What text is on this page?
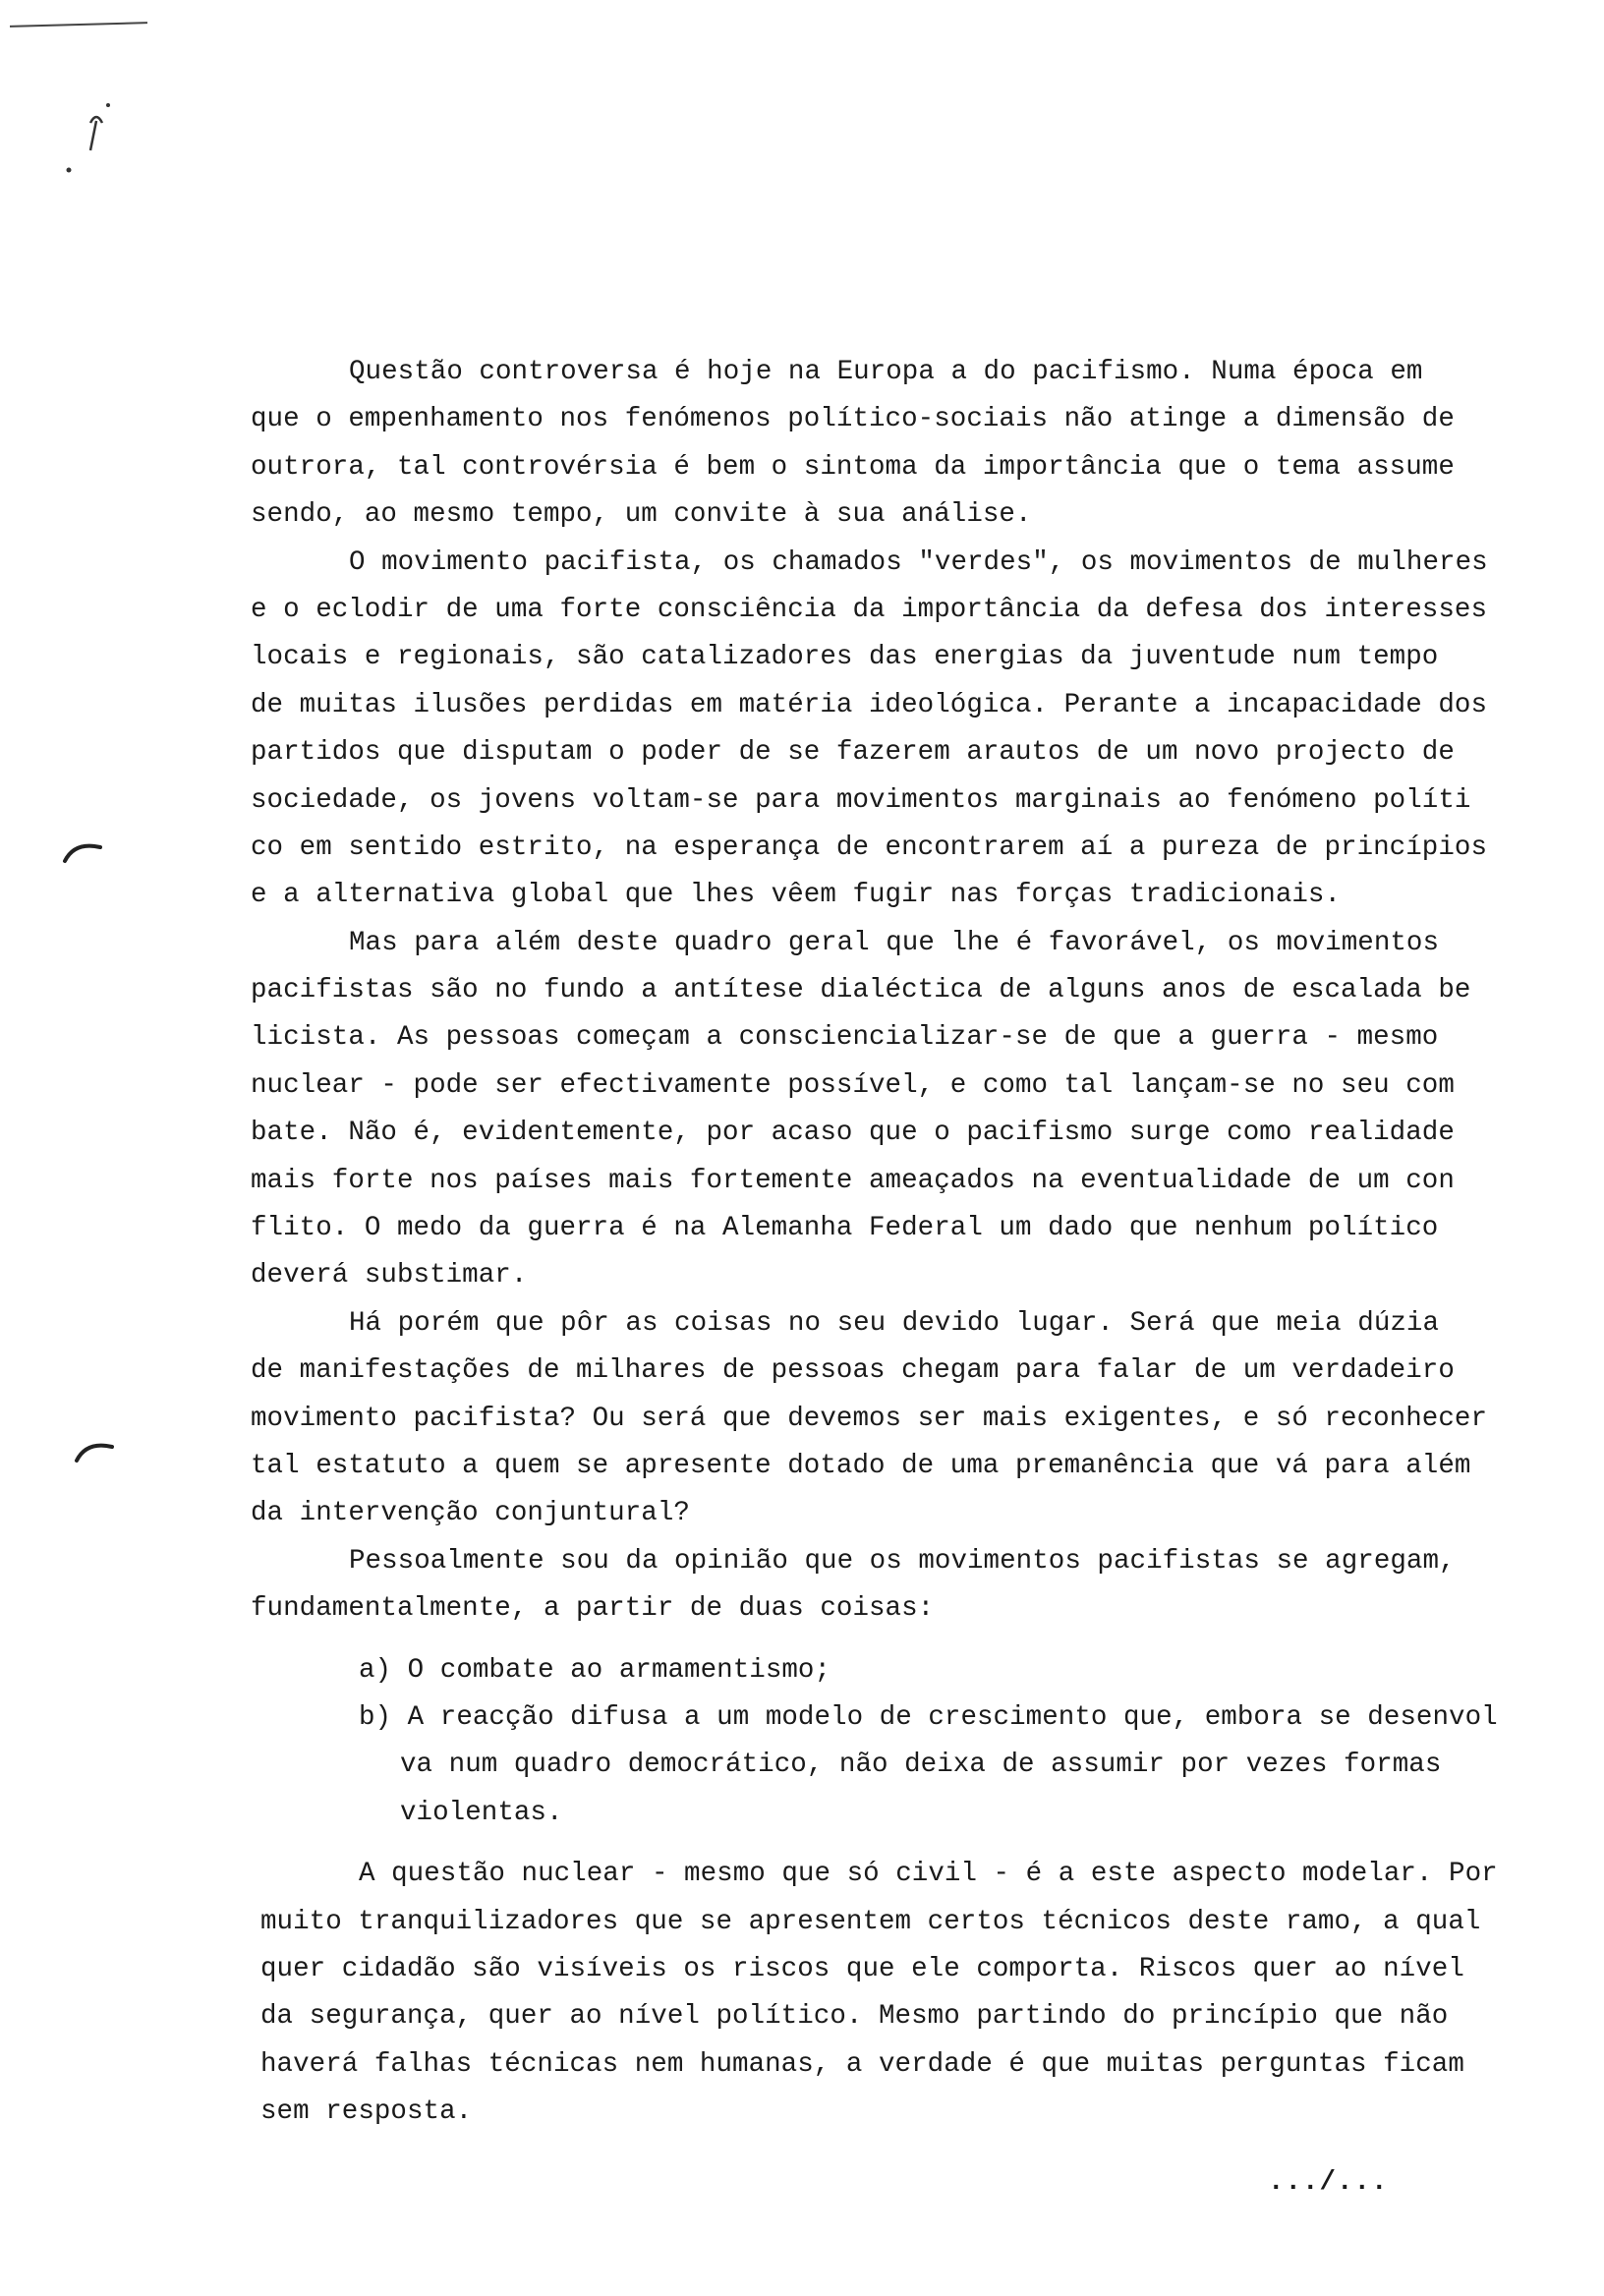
Questão controversa é hoje na Europa a do pacifismo. Numa época em
que o empenhamento nos fenómenos político-sociais não atinge a dimensão de
outrora, tal controvérsia é bem o sintoma da importância que o tema assume
sendo, ao mesmo tempo, um convite à sua análise.
O movimento pacifista, os chamados "verdes", os movimentos de mulheres
e o eclodir de uma forte consciência da importância da defesa dos interesses
locais e regionais, são catalizadores das energias da juventude num tempo
de muitas ilusões perdidas em matéria ideológica. Perante a incapacidade dos
partidos que disputam o poder de se fazerem arautos de um novo projecto de
sociedade, os jovens voltam-se para movimentos marginais ao fenómeno políti
co em sentido estrito, na esperança de encontrarem aí a pureza de princípios
e a alternativa global que lhes vêem fugir nas forças tradicionais.
Mas para além deste quadro geral que lhe é favorável, os movimentos
pacifistas são no fundo a antítese dialéctica de alguns anos de escalada be
licista. As pessoas começam a consciencializar-se de que a guerra - mesmo
nuclear - pode ser efectivamente possível, e como tal lançam-se no seu com
bate. Não é, evidentemente, por acaso que o pacifismo surge como realidade
mais forte nos países mais fortemente ameaçados na eventualidade de um con
flito. O medo da guerra é na Alemanha Federal um dado que nenhum político
deverá substimar.
Há porém que pôr as coisas no seu devido lugar. Será que meia dúzia
de manifestações de milhares de pessoas chegam para falar de um verdadeiro
movimento pacifista? Ou será que devemos ser mais exigentes, e só reconhecer
tal estatuto a quem se apresente dotado de uma premanência que vá para além
da intervenção conjuntural?
Pessoalmente sou da opinião que os movimentos pacifistas se agregam,
fundamentalmente, a partir de duas coisas:
a) O combate ao armamentismo;
b) A reacção difusa a um modelo de crescimento que, embora se desenvol
va num quadro democrático, não deixa de assumir por vezes formas
violentas.
A questão nuclear - mesmo que só civil - é a este aspecto modelar. Por
muito tranquilizadores que se apresentem certos técnicos deste ramo, a qual
quer cidadão são visíveis os riscos que ele comporta. Riscos quer ao nível
da segurança, quer ao nível político. Mesmo partindo do princípio que não
haverá falhas técnicas nem humanas, a verdade é que muitas perguntas ficam
sem resposta.
.../...
